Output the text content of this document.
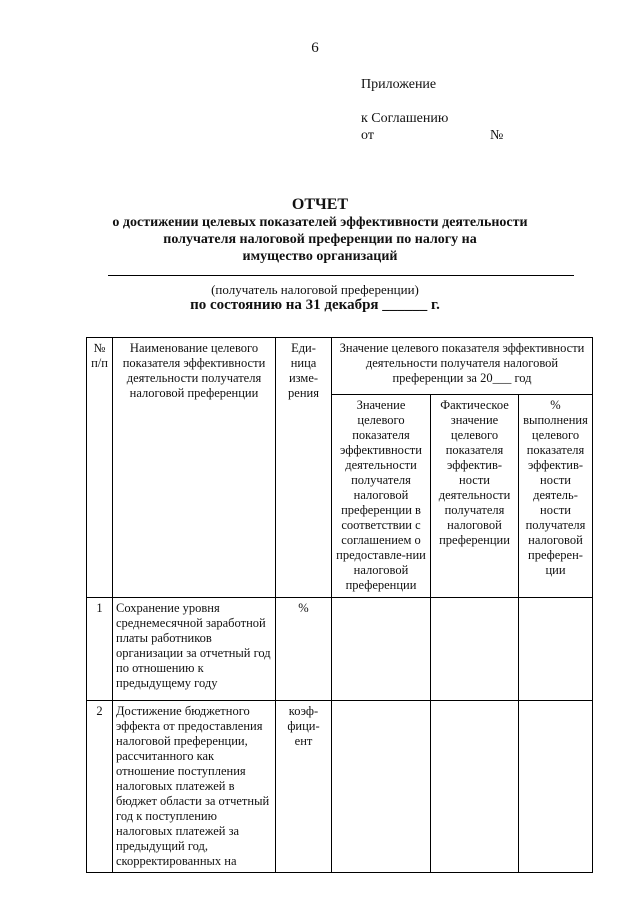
6
Приложение
к Соглашению
от	№
ОТЧЕТ
о достижении целевых показателей эффективности деятельности
получателя налоговой преференции по налогу на
имущество организаций
(получатель налоговой преференции)
по состоянию на 31 декабря ______ г.
№ п/п	Наименование целевого показателя эффективности деятельности получателя налоговой преференции	Еди-ница изме-рения	Значение целевого показателя эффективности деятельности получателя налоговой преференции за 20___ год		
			Значение целевого показателя эффективности деятельности получателя налоговой преференции в соответствии с соглашением о предоставле-нии налоговой преференции	Фактическое значение целевого показателя эффектив-ности деятельности получателя налоговой преференции	% выполнения целевого показателя эффектив-ности деятель-ности получателя налоговой преферен-ции
1	Сохранение уровня среднемесячной заработной платы работников организации за отчетный год по отношению к предыдущему году	%			
2	Достижение бюджетного эффекта от предоставления налоговой преференции, рассчитанного как отношение поступления налоговых платежей в бюджет области за отчетный год к поступлению налоговых платежей за предыдущий год, скорректированных на	коэф-фици-ент			
